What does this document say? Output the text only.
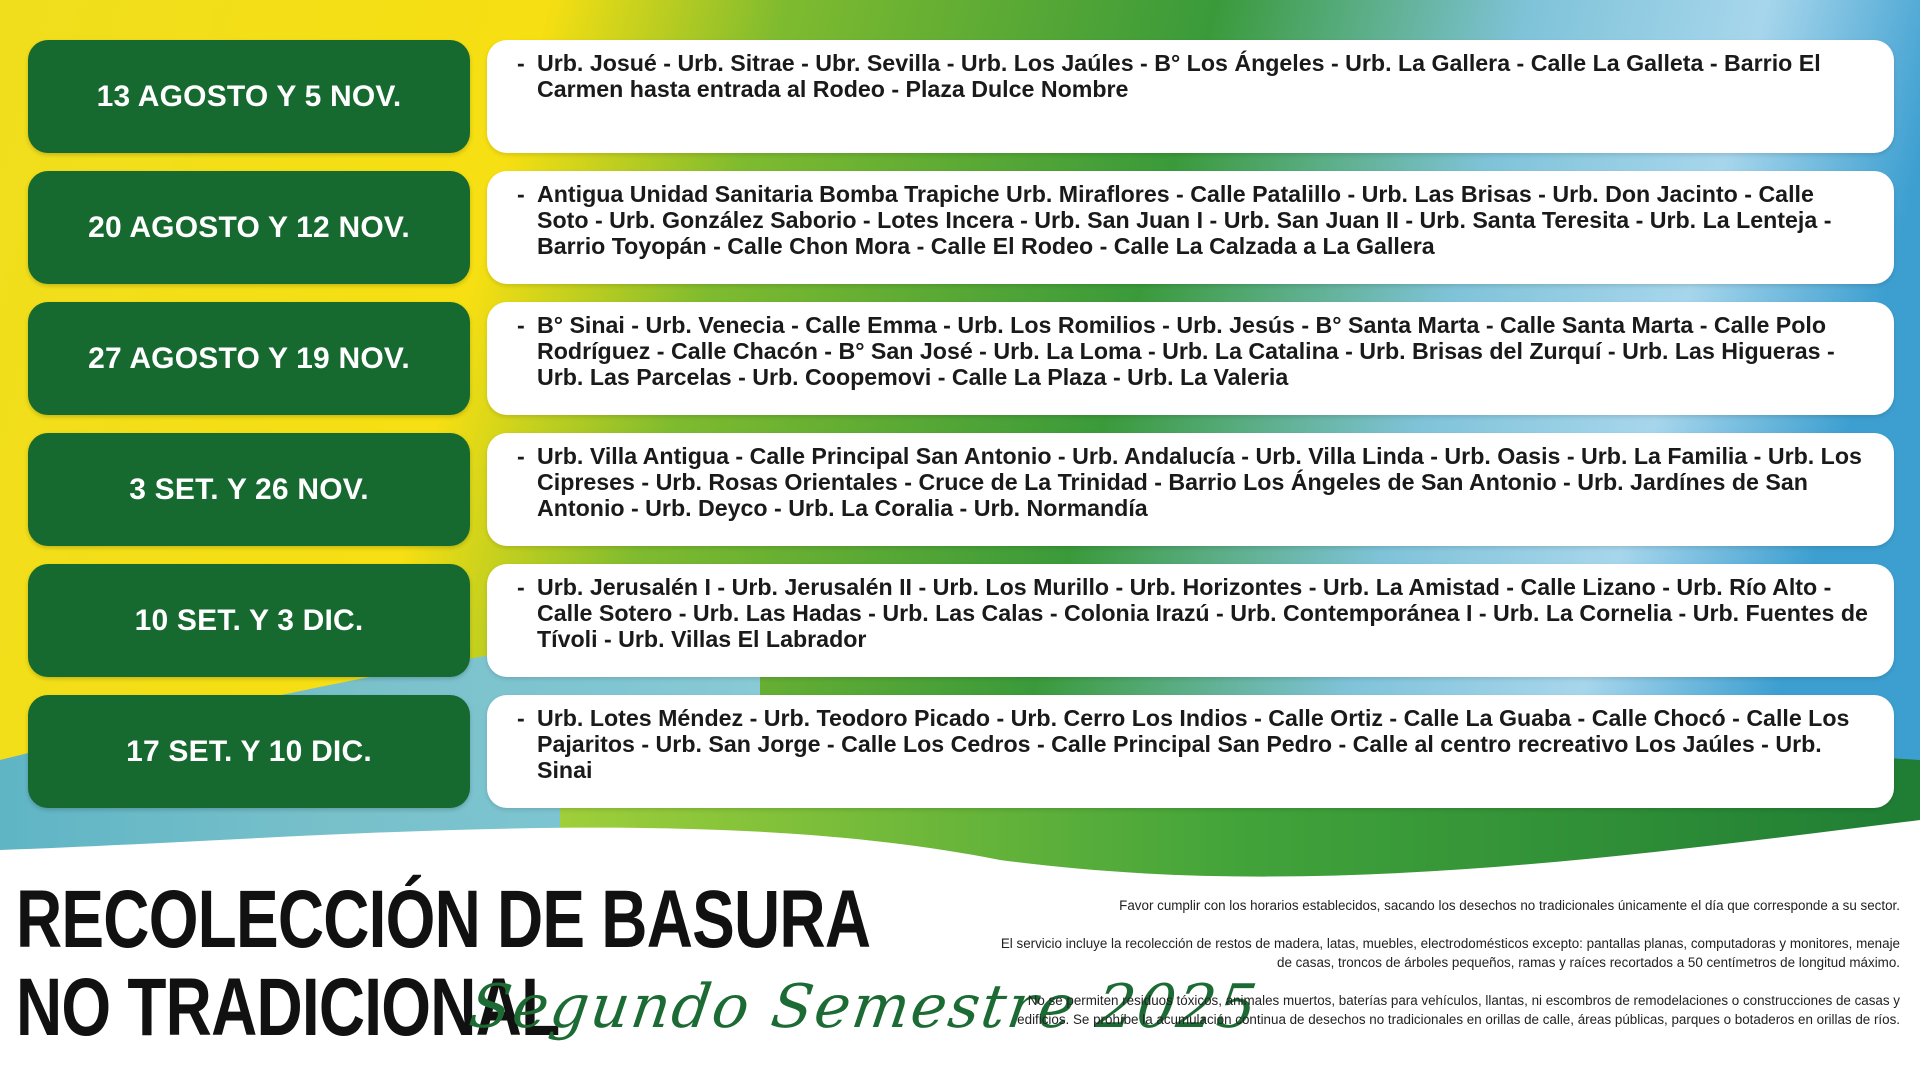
13 AGOSTO Y 5 NOV.
- Urb. Josué - Urb. Sitrae - Ubr. Sevilla - Urb. Los Jaúles - B° Los Ángeles - Urb. La Gallera - Calle La Galleta - Barrio El Carmen hasta entrada al Rodeo - Plaza Dulce Nombre
20 AGOSTO Y 12 NOV.
- Antigua Unidad Sanitaria Bomba Trapiche Urb. Miraflores - Calle Patalillo - Urb. Las Brisas - Urb. Don Jacinto - Calle Soto - Urb. González Saborio - Lotes Incera - Urb. San Juan I - Urb. San Juan II - Urb. Santa Teresita - Urb. La Lenteja - Barrio Toyopán - Calle Chon Mora - Calle El Rodeo - Calle La Calzada a La Gallera
27 AGOSTO Y 19 NOV.
- B° Sinai - Urb. Venecia - Calle Emma - Urb. Los Romilios - Urb. Jesús - B° Santa Marta - Calle Santa Marta - Calle Polo Rodríguez - Calle Chacón - B° San José - Urb. La Loma - Urb. La Catalina - Urb. Brisas del Zurquí - Urb. Las Higueras - Urb. Las Parcelas - Urb. Coopemovi - Calle La Plaza - Urb. La Valeria
3 SET. Y 26 NOV.
- Urb. Villa Antigua - Calle Principal San Antonio - Urb. Andalucía - Urb. Villa Linda - Urb. Oasis - Urb. La Familia - Urb. Los Cipreses - Urb. Rosas Orientales - Cruce de La Trinidad - Barrio Los Ángeles de San Antonio - Urb. Jardínes de San Antonio - Urb. Deyco - Urb. La Coralia - Urb. Normandía
10 SET. Y 3 DIC.
- Urb. Jerusalén I - Urb. Jerusalén II - Urb. Los Murillo - Urb. Horizontes - Urb. La Amistad - Calle Lizano - Urb. Río Alto - Calle Sotero - Urb. Las Hadas - Urb. Las Calas - Colonia Irazú - Urb. Contemporánea I - Urb. La Cornelia - Urb. Fuentes de Tívoli - Urb. Villas El Labrador
17 SET. Y 10 DIC.
- Urb. Lotes Méndez - Urb. Teodoro Picado - Urb. Cerro Los Indios - Calle Ortiz - Calle La Guaba - Calle Chocó - Calle Los Pajaritos - Urb. San Jorge - Calle Los Cedros - Calle Principal San Pedro - Calle al centro recreativo Los Jaúles - Urb. Sinai
RECOLECCIÓN DE BASURA
NO TRADICIONAL
Segundo Semestre 2025

Favor cumplir con los horarios establecidos, sacando los desechos no tradicionales únicamente el día que corresponde a su sector.

El servicio incluye la recolección de restos de madera, latas, muebles, electrodomésticos excepto: pantallas planas, computadoras y monitores, menaje de casas, troncos de árboles pequeños, ramas y raíces recortados a 50 centímetros de longitud máximo.

No se permiten residuos tóxicos, animales muertos, baterías para vehículos, llantas, ni escombros de remodelaciones o construcciones de casas y edificios. Se prohíbe la acumulación continua de desechos no tradicionales en orillas de calle, áreas públicas, parques o botaderos en orillas de ríos.
